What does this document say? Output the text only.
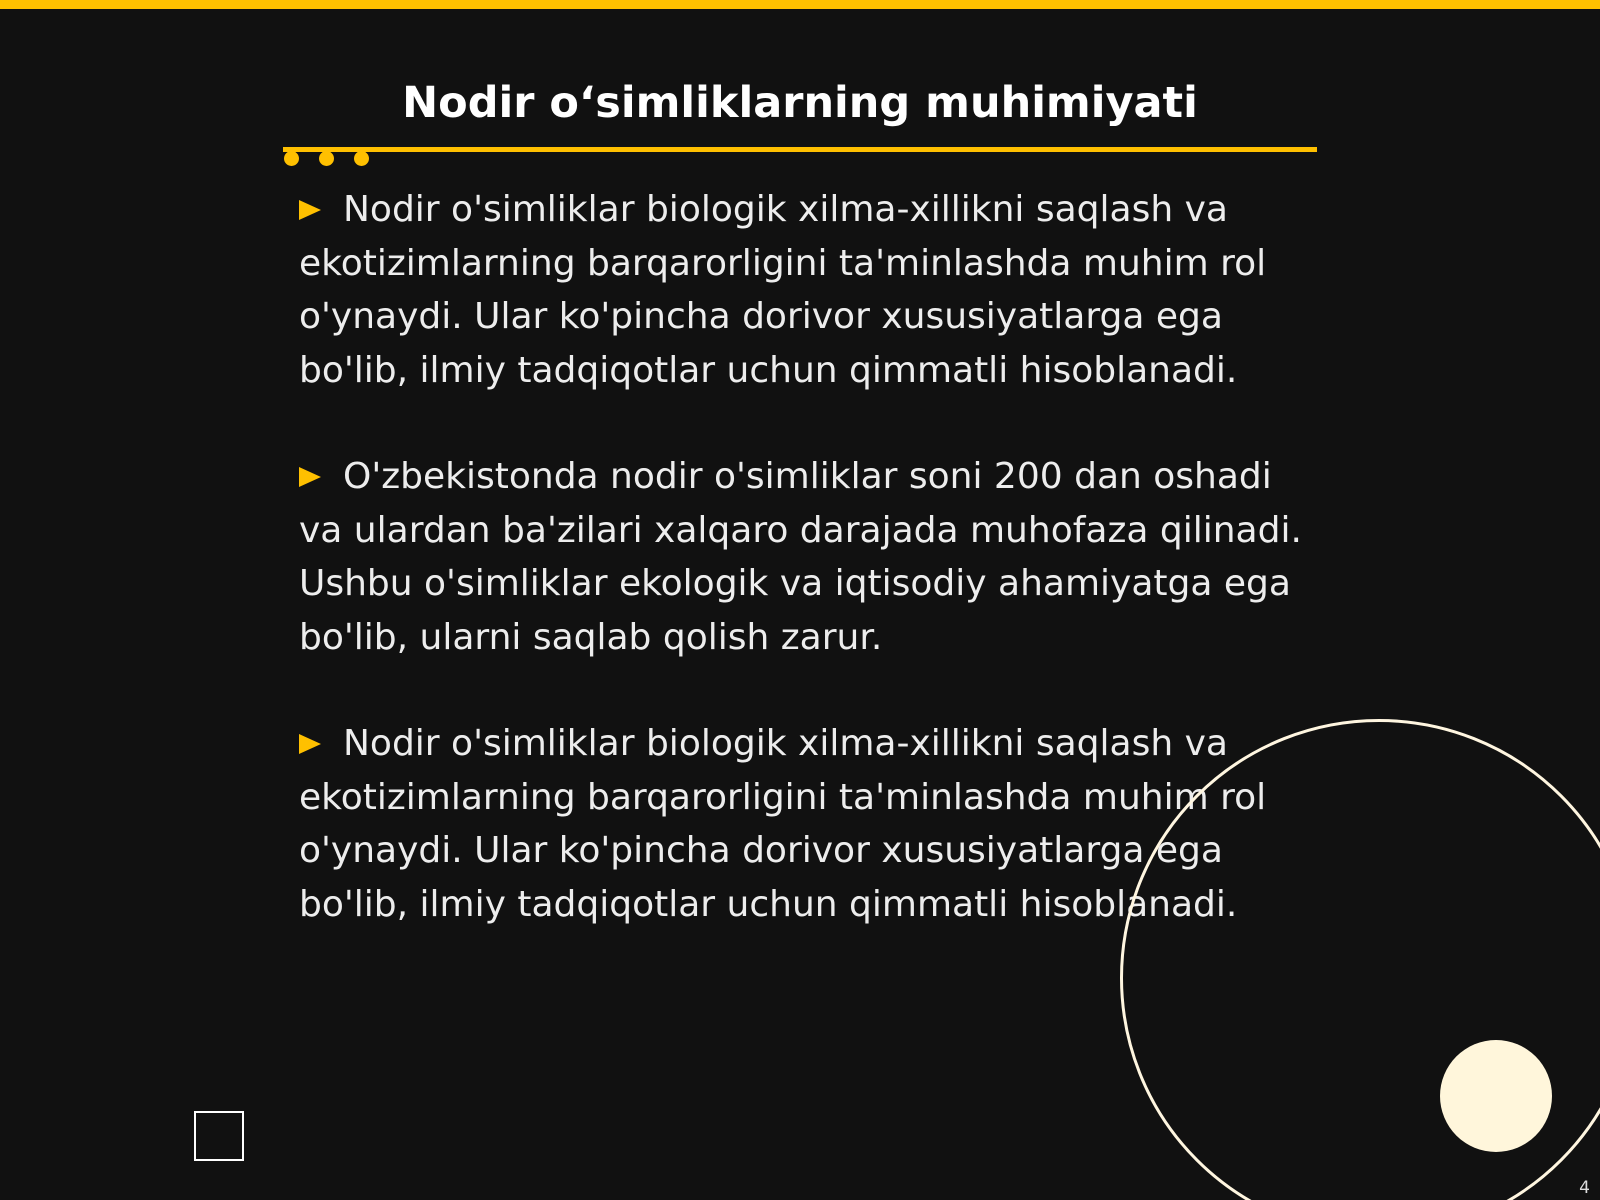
Nodir o‘simliklarning muhimiyati

Nodir o'simliklar biologik xilma-xillikni saqlash va ekotizimlarning barqarorligini ta'minlashda muhim rol o'ynaydi. Ular ko'pincha dorivor xususiyatlarga ega bo'lib, ilmiy tadqiqotlar uchun qimmatli hisoblanadi.

O'zbekistonda nodir o'simliklar soni 200 dan oshadi va ulardan ba'zilari xalqaro darajada muhofaza qilinadi. Ushbu o'simliklar ekologik va iqtisodiy ahamiyatga ega bo'lib, ularni saqlab qolish zarur.

Nodir o'simliklar biologik xilma-xillikni saqlash va ekotizimlarning barqarorligini ta'minlashda muhim rol o'ynaydi. Ular ko'pincha dorivor xususiyatlarga ega bo'lib, ilmiy tadqiqotlar uchun qimmatli hisoblanadi.

4
